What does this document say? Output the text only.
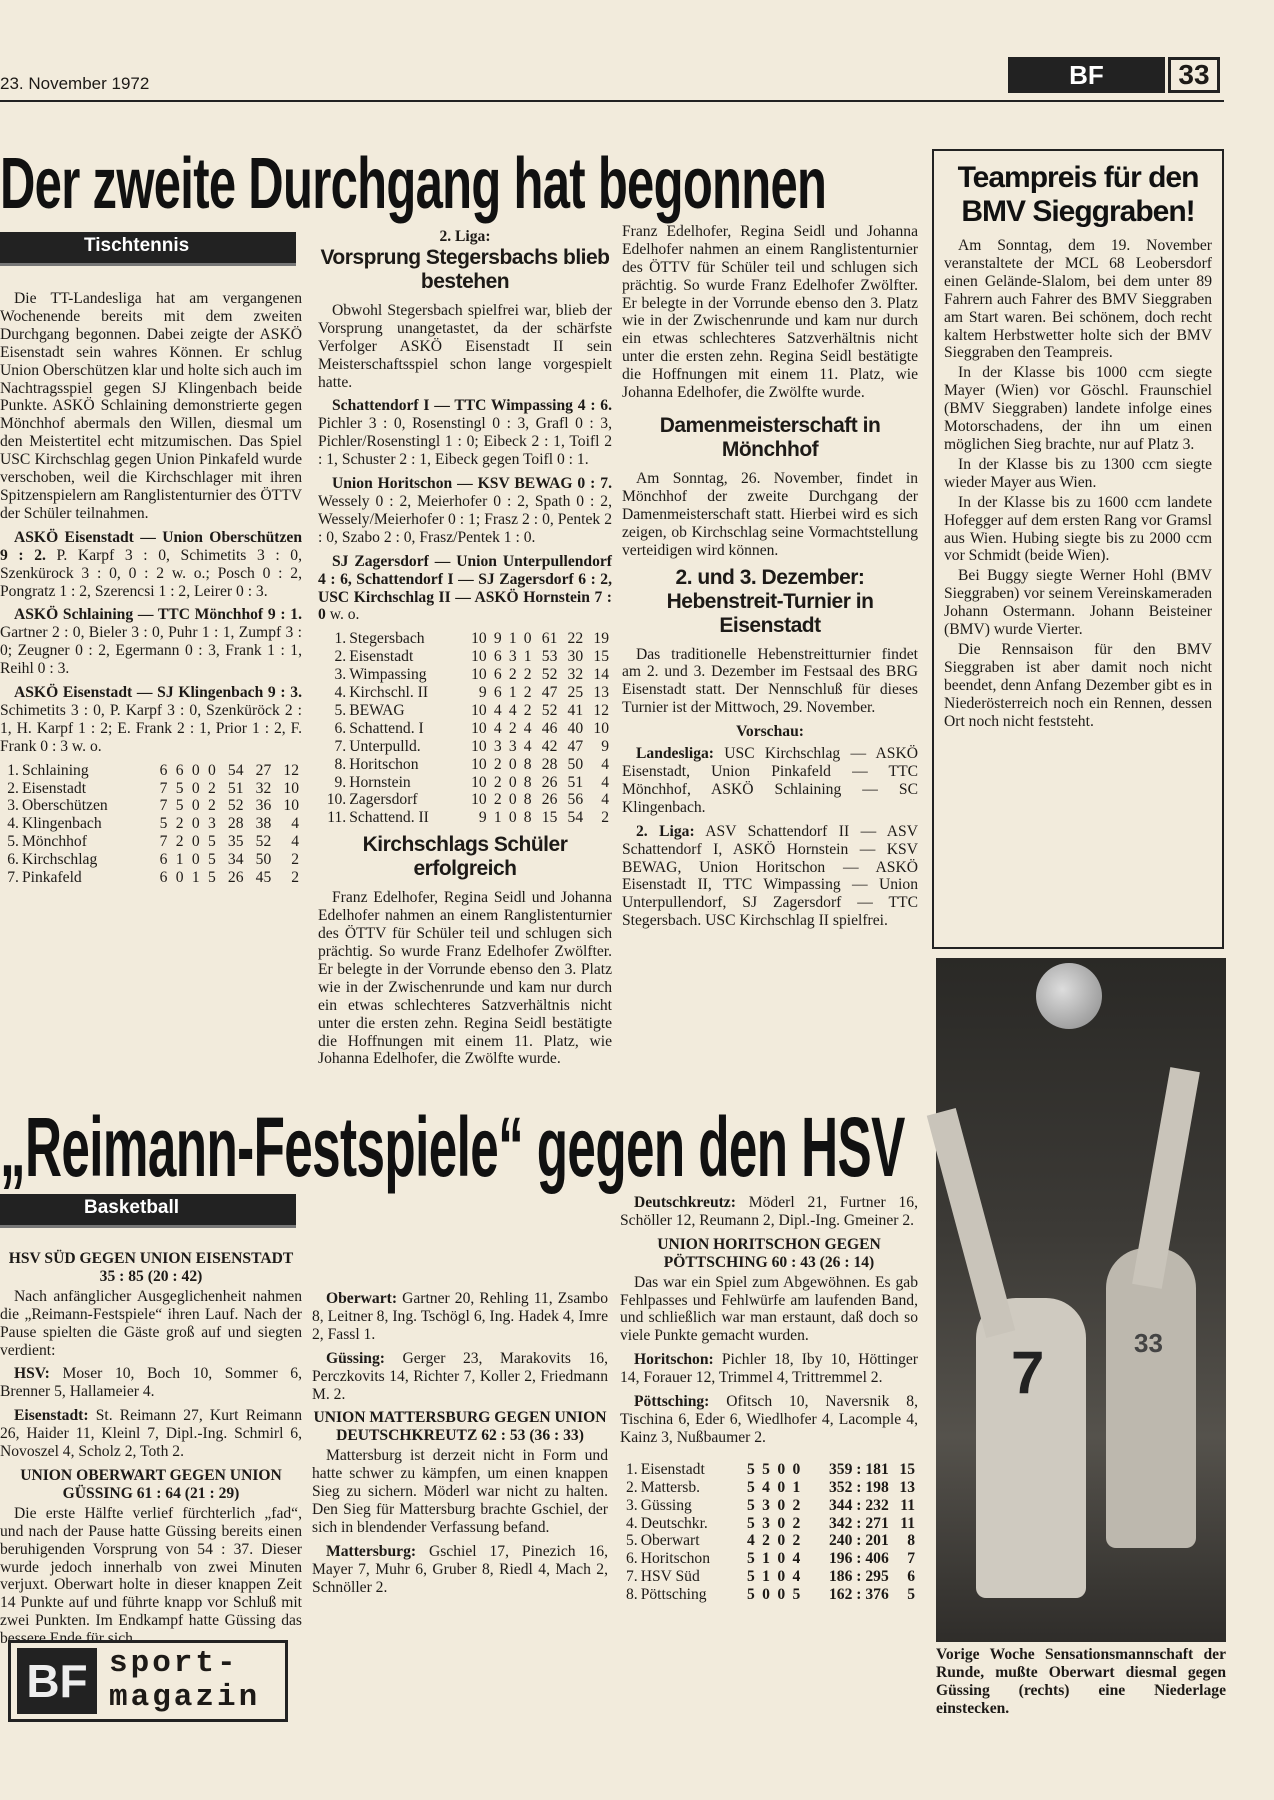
23. November 1972	BF	33
Der zweite Durchgang hat begonnen
Tischtennis

Die TT-Landesliga hat am vergangenen Wochenende bereits mit dem zweiten Durchgang begonnen. Dabei zeigte der ASKÖ Eisenstadt sein wahres Können. Er schlug Union Oberschützen klar und holte sich auch im Nachtragsspiel gegen SJ Klingenbach beide Punkte. ASKÖ Schlaining demonstrierte gegen Mönchhof abermals den Willen, diesmal um den Meistertitel echt mitzumischen. Das Spiel USC Kirchschlag gegen Union Pinkafeld wurde verschoben, weil die Kirchschlager mit ihren Spitzenspielern am Ranglistenturnier des ÖTTV der Schüler teilnahmen.

ASKÖ Eisenstadt — Union Oberschützen 9 : 2. P. Karpf 3 : 0, Schimetits 3 : 0, Szenkürock 3 : 0, 0 : 2 w. o.; Posch 0 : 2, Pongratz 1 : 2, Szerencsi 1 : 2, Leirer 0 : 3.

ASKÖ Schlaining — TTC Mönchhof 9 : 1. Gartner 2 : 0, Bieler 3 : 0, Puhr 1 : 1, Zumpf 3 : 0; Zeugner 0 : 2, Egermann 0 : 3, Frank 1 : 1, Reihl 0 : 3.

ASKÖ Eisenstadt — SJ Klingenbach 9 : 3. Schimetits 3 : 0, P. Karpf 3 : 0, Szenküröck 2 : 1, H. Karpf 1 : 2; E. Frank 2 : 1, Prior 1 : 2, F. Frank 0 : 3 w. o.

1.	Schlaining	6	6	0	0	54	27	12
2.	Eisenstadt	7	5	0	2	51	32	10
3.	Oberschützen	7	5	0	2	52	36	10
4.	Klingenbach	5	2	0	3	28	38	4
5.	Mönchhof	7	2	0	5	35	52	4
6.	Kirchschlag	6	1	0	5	34	50	2
7.	Pinkafeld	6	0	1	5	26	45	2
2. Liga:
Vorsprung Stegersbachs blieb bestehen

Obwohl Stegersbach spielfrei war, blieb der Vorsprung unangetastet, da der schärfste Verfolger ASKÖ Eisenstadt II sein Meisterschaftsspiel schon lange vorgespielt hatte.

Schattendorf I — TTC Wimpassing 4 : 6. Pichler 3 : 0, Rosenstingl 0 : 3, Grafl 0 : 3, Pichler/Rosenstingl 1 : 0; Eibeck 2 : 1, Toifl 2 : 1, Schuster 2 : 1, Eibeck gegen Toifl 0 : 1.

Union Horitschon — KSV BEWAG 0 : 7. Wessely 0 : 2, Meierhofer 0 : 2, Spath 0 : 2, Wessely/Meierhofer 0 : 1; Frasz 2 : 0, Pentek 2 : 0, Szabo 2 : 0, Frasz/Pentek 1 : 0.

SJ Zagersdorf — Union Unterpullendorf 4 : 6, Schattendorf I — SJ Zagersdorf 6 : 2, USC Kirchschlag II — ASKÖ Hornstein 7 : 0 w. o.

1.	Stegersbach	10	9	1	0	61	22	19
2.	Eisenstadt	10	6	3	1	53	30	15
3.	Wimpassing	10	6	2	2	52	32	14
4.	Kirchschl. II	9	6	1	2	47	25	13
5.	BEWAG	10	4	4	2	52	41	12
6.	Schattend. I	10	4	2	4	46	40	10
7.	Unterpulld.	10	3	3	4	42	47	9
8.	Horitschon	10	2	0	8	28	50	4
9.	Hornstein	10	2	0	8	26	51	4
10.	Zagersdorf	10	2	0	8	26	56	4
11.	Schattend. II	9	1	0	8	15	54	2
Kirchschlags Schüler erfolgreich

Franz Edelhofer, Regina Seidl und Johanna Edelhofer nahmen an einem Ranglistenturnier des ÖTTV für Schüler teil und schlugen sich prächtig. So wurde Franz Edelhofer Zwölfter. Er belegte in der Vorrunde ebenso den 3. Platz wie in der Zwischenrunde und kam nur durch ein etwas schlechteres Satzverhältnis nicht unter die ersten zehn. Regina Seidl bestätigte die Hoffnungen mit einem 11. Platz, wie Johanna Edelhofer, die Zwölfte wurde.

Franz Edelhofer, Regina Seidl und Johanna Edelhofer nahmen an einem Ranglistenturnier des ÖTTV für Schüler teil und schlugen sich prächtig. So wurde Franz Edelhofer Zwölfter. Er belegte in der Vorrunde ebenso den 3. Platz wie in der Zwischenrunde und kam nur durch ein etwas schlechteres Satzverhältnis nicht unter die ersten zehn. Regina Seidl bestätigte die Hoffnungen mit einem 11. Platz, wie Johanna Edelhofer, die Zwölfte wurde.

Damenmeisterschaft in Mönchhof

Am Sonntag, 26. November, findet in Mönchhof der zweite Durchgang der Damenmeisterschaft statt. Hierbei wird es sich zeigen, ob Kirchschlag seine Vormachtstellung verteidigen wird können.

2. und 3. Dezember: Hebenstreit-Turnier in Eisenstadt

Das traditionelle Hebenstreitturnier findet am 2. und 3. Dezember im Festsaal des BRG Eisenstadt statt. Der Nennschluß für dieses Turnier ist der Mittwoch, 29. November.

Vorschau:

Landesliga: USC Kirchschlag — ASKÖ Eisenstadt, Union Pinkafeld — TTC Mönchhof, ASKÖ Schlaining — SC Klingenbach.

2. Liga: ASV Schattendorf II — ASV Schattendorf I, ASKÖ Hornstein — KSV BEWAG, Union Horitschon — ASKÖ Eisenstadt II, TTC Wimpassing — Union Unterpullendorf, SJ Zagersdorf — TTC Stegersbach. USC Kirchschlag II spielfrei.

Teampreis für den BMV Sieggraben!

Am Sonntag, dem 19. November veranstaltete der MCL 68 Leobersdorf einen Gelände-Slalom, bei dem unter 89 Fahrern auch Fahrer des BMV Sieggraben am Start waren. Bei schönem, doch recht kaltem Herbstwetter holte sich der BMV Sieggraben den Teampreis.

In der Klasse bis 1000 ccm siegte Mayer (Wien) vor Göschl. Fraunschiel (BMV Sieggraben) landete infolge eines Motorschadens, der ihn um einen möglichen Sieg brachte, nur auf Platz 3.

In der Klasse bis zu 1300 ccm siegte wieder Mayer aus Wien.

In der Klasse bis zu 1600 ccm landete Hofegger auf dem ersten Rang vor Gramsl aus Wien. Hubing siegte bis zu 2000 ccm vor Schmidt (beide Wien).

Bei Buggy siegte Werner Hohl (BMV Sieggraben) vor seinem Vereinskameraden Johann Ostermann. Johann Beisteiner (BMV) wurde Vierter.

Die Rennsaison für den BMV Sieggraben ist aber damit noch nicht beendet, denn Anfang Dezember gibt es in Niederösterreich noch ein Rennen, dessen Ort noch nicht feststeht.

7	33
Vorige Woche Sensationsmannschaft der Runde, mußte Oberwart diesmal gegen Güssing (rechts) eine Niederlage einstecken.
„Reimann-Festspiele“ gegen den HSV
Basketball
HSV SÜD GEGEN UNION EISENSTADT 35 : 85 (20 : 42)

Nach anfänglicher Ausgeglichenheit nahmen die „Reimann-Festspiele“ ihren Lauf. Nach der Pause spielten die Gäste groß auf und siegten verdient:

HSV: Moser 10, Boch 10, Sommer 6, Brenner 5, Hallameier 4.

Eisenstadt: St. Reimann 27, Kurt Reimann 26, Haider 11, Kleinl 7, Dipl.-Ing. Schmirl 6, Novoszel 4, Scholz 2, Toth 2.

UNION OBERWART GEGEN UNION GÜSSING 61 : 64 (21 : 29)

Die erste Hälfte verlief fürchterlich „fad“, und nach der Pause hatte Güssing bereits einen beruhigenden Vorsprung von 54 : 37. Dieser wurde jedoch innerhalb von zwei Minuten verjuxt. Oberwart holte in dieser knappen Zeit 14 Punkte auf und führte knapp vor Schluß mit zwei Punkten. Im Endkampf hatte Güssing das bessere Ende für sich.

Oberwart: Gartner 20, Rehling 11, Zsambo 8, Leitner 8, Ing. Tschögl 6, Ing. Hadek 4, Imre 2, Fassl 1.

Güssing: Gerger 23, Marakovits 16, Perczkovits 14, Richter 7, Koller 2, Friedmann M. 2.

UNION MATTERSBURG GEGEN UNION DEUTSCHKREUTZ 62 : 53 (36 : 33)

Mattersburg ist derzeit nicht in Form und hatte schwer zu kämpfen, um einen knappen Sieg zu sichern. Möderl war nicht zu halten. Den Sieg für Mattersburg brachte Gschiel, der sich in blendender Verfassung befand.

Mattersburg: Gschiel 17, Pinezich 16, Mayer 7, Muhr 6, Gruber 8, Riedl 4, Mach 2, Schnöller 2.

Deutschkreutz: Möderl 21, Furtner 16, Schöller 12, Reumann 2, Dipl.-Ing. Gmeiner 2.

UNION HORITSCHON GEGEN PÖTTSCHING 60 : 43 (26 : 14)

Das war ein Spiel zum Abgewöhnen. Es gab Fehlpasses und Fehlwürfe am laufenden Band, und schließlich war man erstaunt, daß doch so viele Punkte gemacht wurden.

Horitschon: Pichler 18, Iby 10, Höttinger 14, Forauer 12, Trimmel 4, Trittremmel 2.

Pöttsching: Ofitsch 10, Naversnik 8, Tischina 6, Eder 6, Wiedlhofer 4, Lacomple 4, Kainz 3, Nußbaumer 2.

1.	Eisenstadt	5	5	0	0	359 : 181	15
2.	Mattersb.	5	4	0	1	352 : 198	13
3.	Güssing	5	3	0	2	344 : 232	11
4.	Deutschkr.	5	3	0	2	342 : 271	11
5.	Oberwart	4	2	0	2	240 : 201	8
6.	Horitschon	5	1	0	4	196 : 406	7
7.	HSV Süd	5	1	0	4	186 : 295	6
8.	Pöttsching	5	0	0	5	162 : 376	5
BF sport-
magazin
